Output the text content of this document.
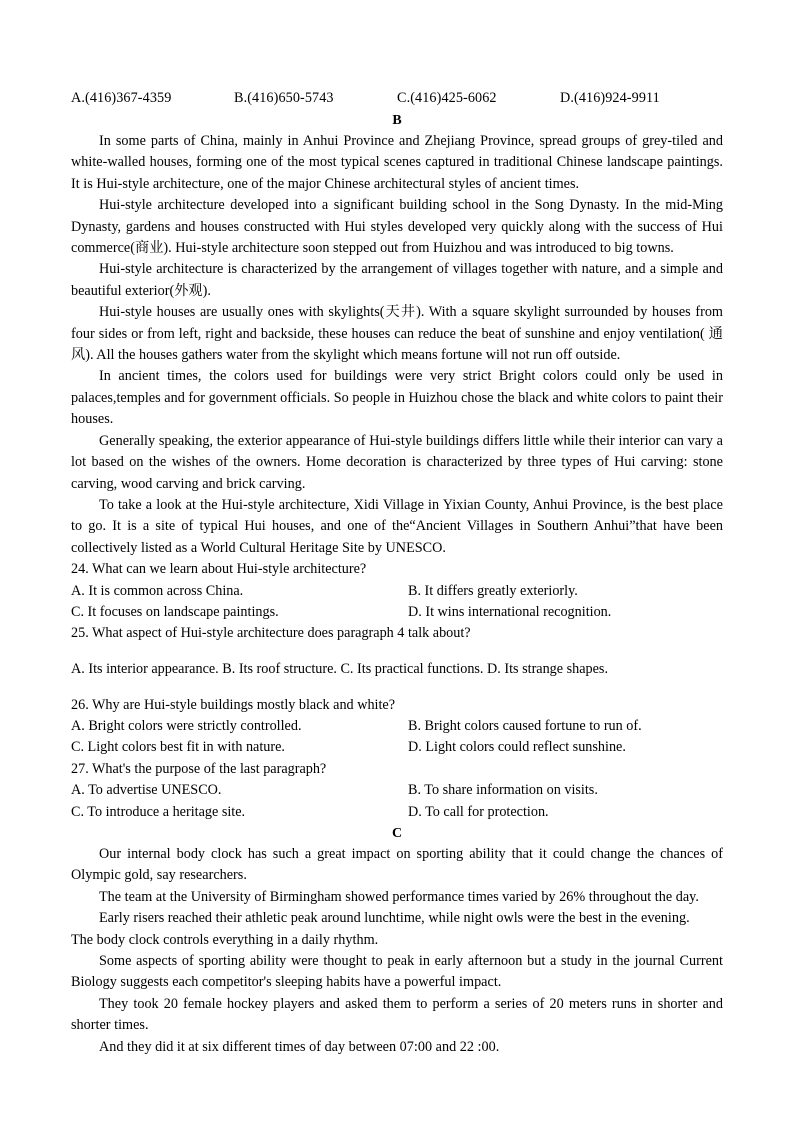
A.(416)367-4359	B.(416)650-5743	C.(416)425-6062	D.(416)924-9911
B

In some parts of China, mainly in Anhui Province and Zhejiang Province, spread groups of grey-tiled and white-walled houses, forming one of the most typical scenes captured in traditional Chinese landscape paintings. It is Hui-style architecture, one of the major Chinese architectural styles of ancient times.

Hui-style architecture developed into a significant building school in the Song Dynasty. In the mid-Ming Dynasty, gardens and houses constructed with Hui styles developed very quickly along with the success of Hui commerce(商业). Hui-style architecture soon stepped out from Huizhou and was introduced to big towns.

Hui-style architecture is characterized by the arrangement of villages together with nature, and a simple and beautiful exterior(外观).

Hui-style houses are usually ones with skylights(天井). With a square skylight surrounded by houses from four sides or from left, right and backside, these houses can reduce the beat of sunshine and enjoy ventilation( 通风). All the houses gathers water from the skylight which means fortune will not run off outside.

In ancient times, the colors used for buildings were very strict Bright colors could only be used in palaces,temples and for government officials. So people in Huizhou chose the black and white colors to paint their houses.

Generally speaking, the exterior appearance of Hui-style buildings differs little while their interior can vary a lot based on the wishes of the owners. Home decoration is characterized by three types of Hui carving: stone carving, wood carving and brick carving.

To take a look at the Hui-style architecture, Xidi Village in Yixian County, Anhui Province, is the best place to go. It is a site of typical Hui houses, and one of the“Ancient Villages in Southern Anhui”that have been collectively listed as a World Cultural Heritage Site by UNESCO.

24. What can we learn about Hui-style architecture?

A. It is common across China.	B. It differs greatly exteriorly.
C. It focuses on landscape paintings.	D. It wins international recognition.

25. What aspect of Hui-style architecture does paragraph 4 talk about?

A. Its interior appearance. B. Its roof structure. C. Its practical functions. D. Its strange shapes.

26. Why are Hui-style buildings mostly black and white?

A. Bright colors were strictly controlled.	B. Bright colors caused fortune to run of.
C. Light colors best fit in with nature.	D. Light colors could reflect sunshine.

27. What's the purpose of the last paragraph?

A. To advertise UNESCO.	B. To share information on visits.
C. To introduce a heritage site.	D. To call for protection.
C

Our internal body clock has such a great impact on sporting ability that it could change the chances of Olympic gold, say researchers.

The team at the University of Birmingham showed performance times varied by 26% throughout the day.

Early risers reached their athletic peak around lunchtime, while night owls were the best in the evening.

The body clock controls everything in a daily rhythm.

Some aspects of sporting ability were thought to peak in early afternoon but a study in the journal Current Biology suggests each competitor's sleeping habits have a powerful impact.

They took 20 female hockey players and asked them to perform a series of 20 meters runs in shorter and shorter times.

And they did it at six different times of day between 07:00 and 22 :00.
